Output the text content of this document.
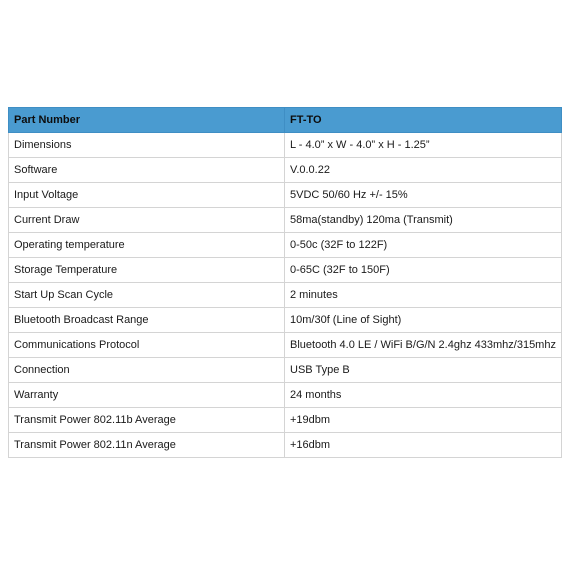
Part Number	FT-TO
Dimensions	L - 4.0” x W - 4.0” x H - 1.25”
Software	V.0.0.22
Input Voltage	5VDC 50/60 Hz +/- 15%
Current Draw	58ma(standby) 120ma (Transmit)
Operating temperature	0-50c (32F to 122F)
Storage Temperature	0-65C (32F to 150F)
Start Up Scan Cycle	2 minutes
Bluetooth Broadcast Range	10m/30f (Line of Sight)
Communications Protocol	Bluetooth 4.0 LE / WiFi B/G/N 2.4ghz 433mhz/315mhz
Connection	USB Type B
Warranty	24 months
Transmit Power 802.11b Average	+19dbm
Transmit Power 802.11n Average	+16dbm
